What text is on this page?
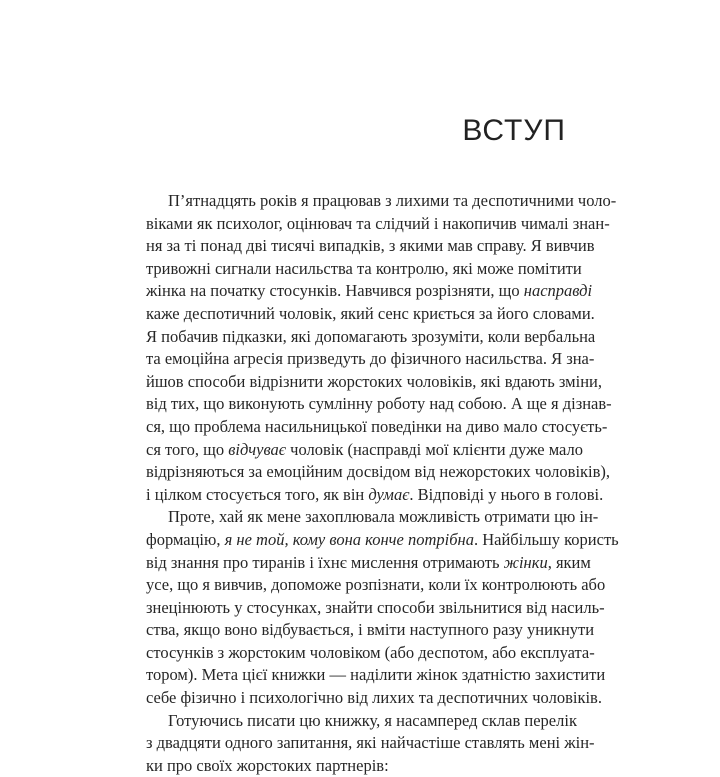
ВСТУП
П’ятнадцять років я працював з лихими та деспотичними чоло-
віками як психолог, оцінювач та слідчий і накопичив чималі знан-
ня за ті понад дві тисячі випадків, з якими мав справу. Я вивчив
тривожні сигнали насильства та контролю, які може помітити
жінка на початку стосунків. Навчився розрізняти, що насправді
каже деспотичний чоловік, який сенс криється за його словами.
Я побачив підказки, які допомагають зрозуміти, коли вербальна
та емоційна агресія призведуть до фізичного насильства. Я зна-
йшов способи відрізнити жорстоких чоловіків, які вдають зміни,
від тих, що виконують сумлінну роботу над собою. А ще я дізнав-
ся, що проблема насильницької поведінки на диво мало стосуєть-
ся того, що відчуває чоловік (насправді мої клієнти дуже мало
відрізняються за емоційним досвідом від нежорстоких чоловіків),
і цілком стосується того, як він думає. Відповіді у нього в голові.
Проте, хай як мене захоплювала можливість отримати цю ін-
формацію, я не той, кому вона конче потрібна. Найбільшу користь
від знання про тиранів і їхнє мислення отримають жінки, яким
усе, що я вивчив, допоможе розпізнати, коли їх контролюють або
знецінюють у стосунках, знайти способи звільнитися від насиль-
ства, якщо воно відбувається, і вміти наступного разу уникнути
стосунків з жорстоким чоловіком (або деспотом, або експлуата-
тором). Мета цієї книжки — наділити жінок здатністю захистити
себе фізично і психологічно від лихих та деспотичних чоловіків.
Готуючись писати цю книжку, я насамперед склав перелік
з двадцяти одного запитання, які найчастіше ставлять мені жін-
ки про своїх жорстоких партнерів:
